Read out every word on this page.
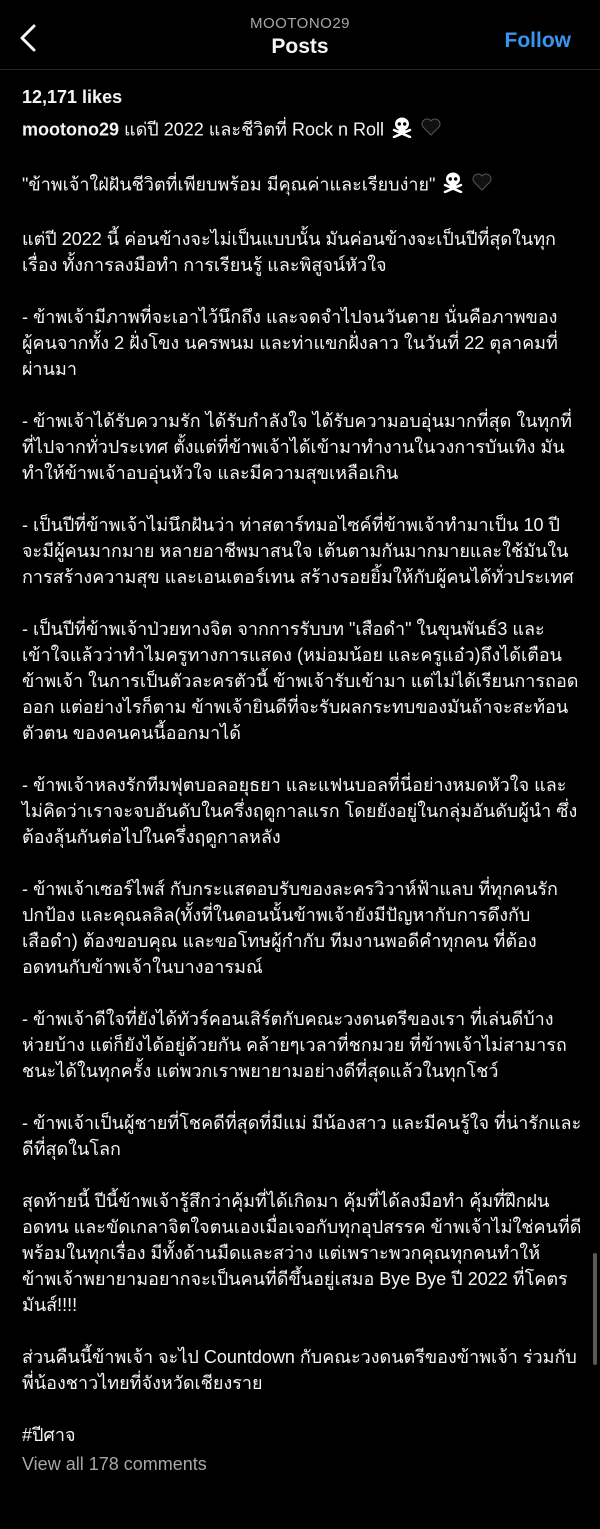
MOOTONO29
Posts	Follow
12,171 likes

mootono29 แด่ปี 2022 และชีวิตที่ Rock n Roll

"ข้าพเจ้าใฝ่ฝันชีวิตที่เพียบพร้อม มีคุณค่าและเรียบง่าย"

แต่ปี 2022 นี้ ค่อนข้างจะไม่เป็นแบบนั้น มันค่อนข้างจะเป็นปีที่สุดในทุกเรื่อง ทั้งการลงมือทำ การเรียนรู้ และพิสูจน์หัวใจ

- ข้าพเจ้ามีภาพที่จะเอาไว้นึกถึง และจดจำไปจนวันตาย นั่นคือภาพของผู้คนจากทั้ง 2 ฝั่งโขง นครพนม และท่าแขกฝั่งลาว ในวันที่ 22 ตุลาคมที่ผ่านมา

- ข้าพเจ้าได้รับความรัก ได้รับกำลังใจ ได้รับความอบอุ่นมากที่สุด ในทุกที่ที่ไปจากทั่วประเทศ ตั้งแต่ที่ข้าพเจ้าได้เข้ามาทำงานในวงการบันเทิง มันทำให้ข้าพเจ้าอบอุ่นหัวใจ และมีความสุขเหลือเกิน

- เป็นปีที่ข้าพเจ้าไม่นึกฝันว่า ท่าสตาร์ทมอไซค์ที่ข้าพเจ้าทำมาเป็น 10 ปี จะมีผู้คนมากมาย หลายอาชีพมาสนใจ เต้นตามกันมากมายและใช้มันในการสร้างความสุข และเอนเตอร์เทน สร้างรอยยิ้มให้กับผู้คนได้ทั่วประเทศ

- เป็นปีที่ข้าพเจ้าป่วยทางจิต จากการรับบท "เสือดำ" ในขุนพันธ์3 และเข้าใจแล้วว่าทำไมครูทางการแสดง (หม่อมน้อย และครูแอ๋ว)ถึงได้เตือนข้าพเจ้า ในการเป็นตัวละครตัวนี้ ข้าพเจ้ารับเข้ามา แต่ไม่ได้เรียนการถอดออก แต่อย่างไรก็ตาม ข้าพเจ้ายินดีที่จะรับผลกระทบของมันถ้าจะสะท้อนตัวตน ของคนคนนี้ออกมาได้

- ข้าพเจ้าหลงรักทีมฟุตบอลอยุธยา และแฟนบอลที่นี่อย่างหมดหัวใจ และไม่คิดว่าเราจะจบอันดับในครึ่งฤดูกาลแรก โดยยังอยู่ในกลุ่มอันดับผู้นำ ซึ่งต้องลุ้นกันต่อไปในครึ่งฤดูกาลหลัง

- ข้าพเจ้าเซอร์ไพส์ กับกระแสตอบรับของละครวิวาห์ฟ้าแลบ ที่ทุกคนรักปกป้อง และคุณลลิล(ทั้งที่ในตอนนั้นข้าพเจ้ายังมีปัญหากับการดึงกับเสือดำ) ต้องขอบคุณ และขอโทษผู้กำกับ ทีมงานพอดีคำทุกคน ที่ต้องอดทนกับข้าพเจ้าในบางอารมณ์

- ข้าพเจ้าดีใจที่ยังได้ทัวร์คอนเสิร์ตกับคณะวงดนตรีของเรา ที่เล่นดีบ้างห่วยบ้าง แต่ก็ยังได้อยู่ด้วยกัน คล้ายๆเวลาที่ชกมวย ที่ข้าพเจ้าไม่สามารถชนะได้ในทุกครั้ง แต่พวกเราพยายามอย่างดีที่สุดแล้วในทุกโชว์

- ข้าพเจ้าเป็นผู้ชายที่โชคดีที่สุดที่มีแม่ มีน้องสาว และมีคนรู้ใจ ที่น่ารักและดีที่สุดในโลก

สุดท้ายนี้ ปีนี้ข้าพเจ้ารู้สึกว่าคุ้มที่ได้เกิดมา คุ้มที่ได้ลงมือทำ คุ้มที่ฝึกฝนอดทน และขัดเกลาจิตใจตนเองเมื่อเจอกับทุกอุปสรรค ข้าพเจ้าไม่ใช่คนที่ดีพร้อมในทุกเรื่อง มีทั้งด้านมืดและสว่าง แต่เพราะพวกคุณทุกคนทำให้ข้าพเจ้าพยายามอยากจะเป็นคนที่ดีขึ้นอยู่เสมอ Bye Bye ปี 2022 ที่โคตรมันส์!!!!

ส่วนคืนนี้ข้าพเจ้า จะไป Countdown กับคณะวงดนตรีของข้าพเจ้า ร่วมกับพี่น้องชาวไทยที่จังหวัดเชียงราย

#ปีศาจ
View all 178 comments
